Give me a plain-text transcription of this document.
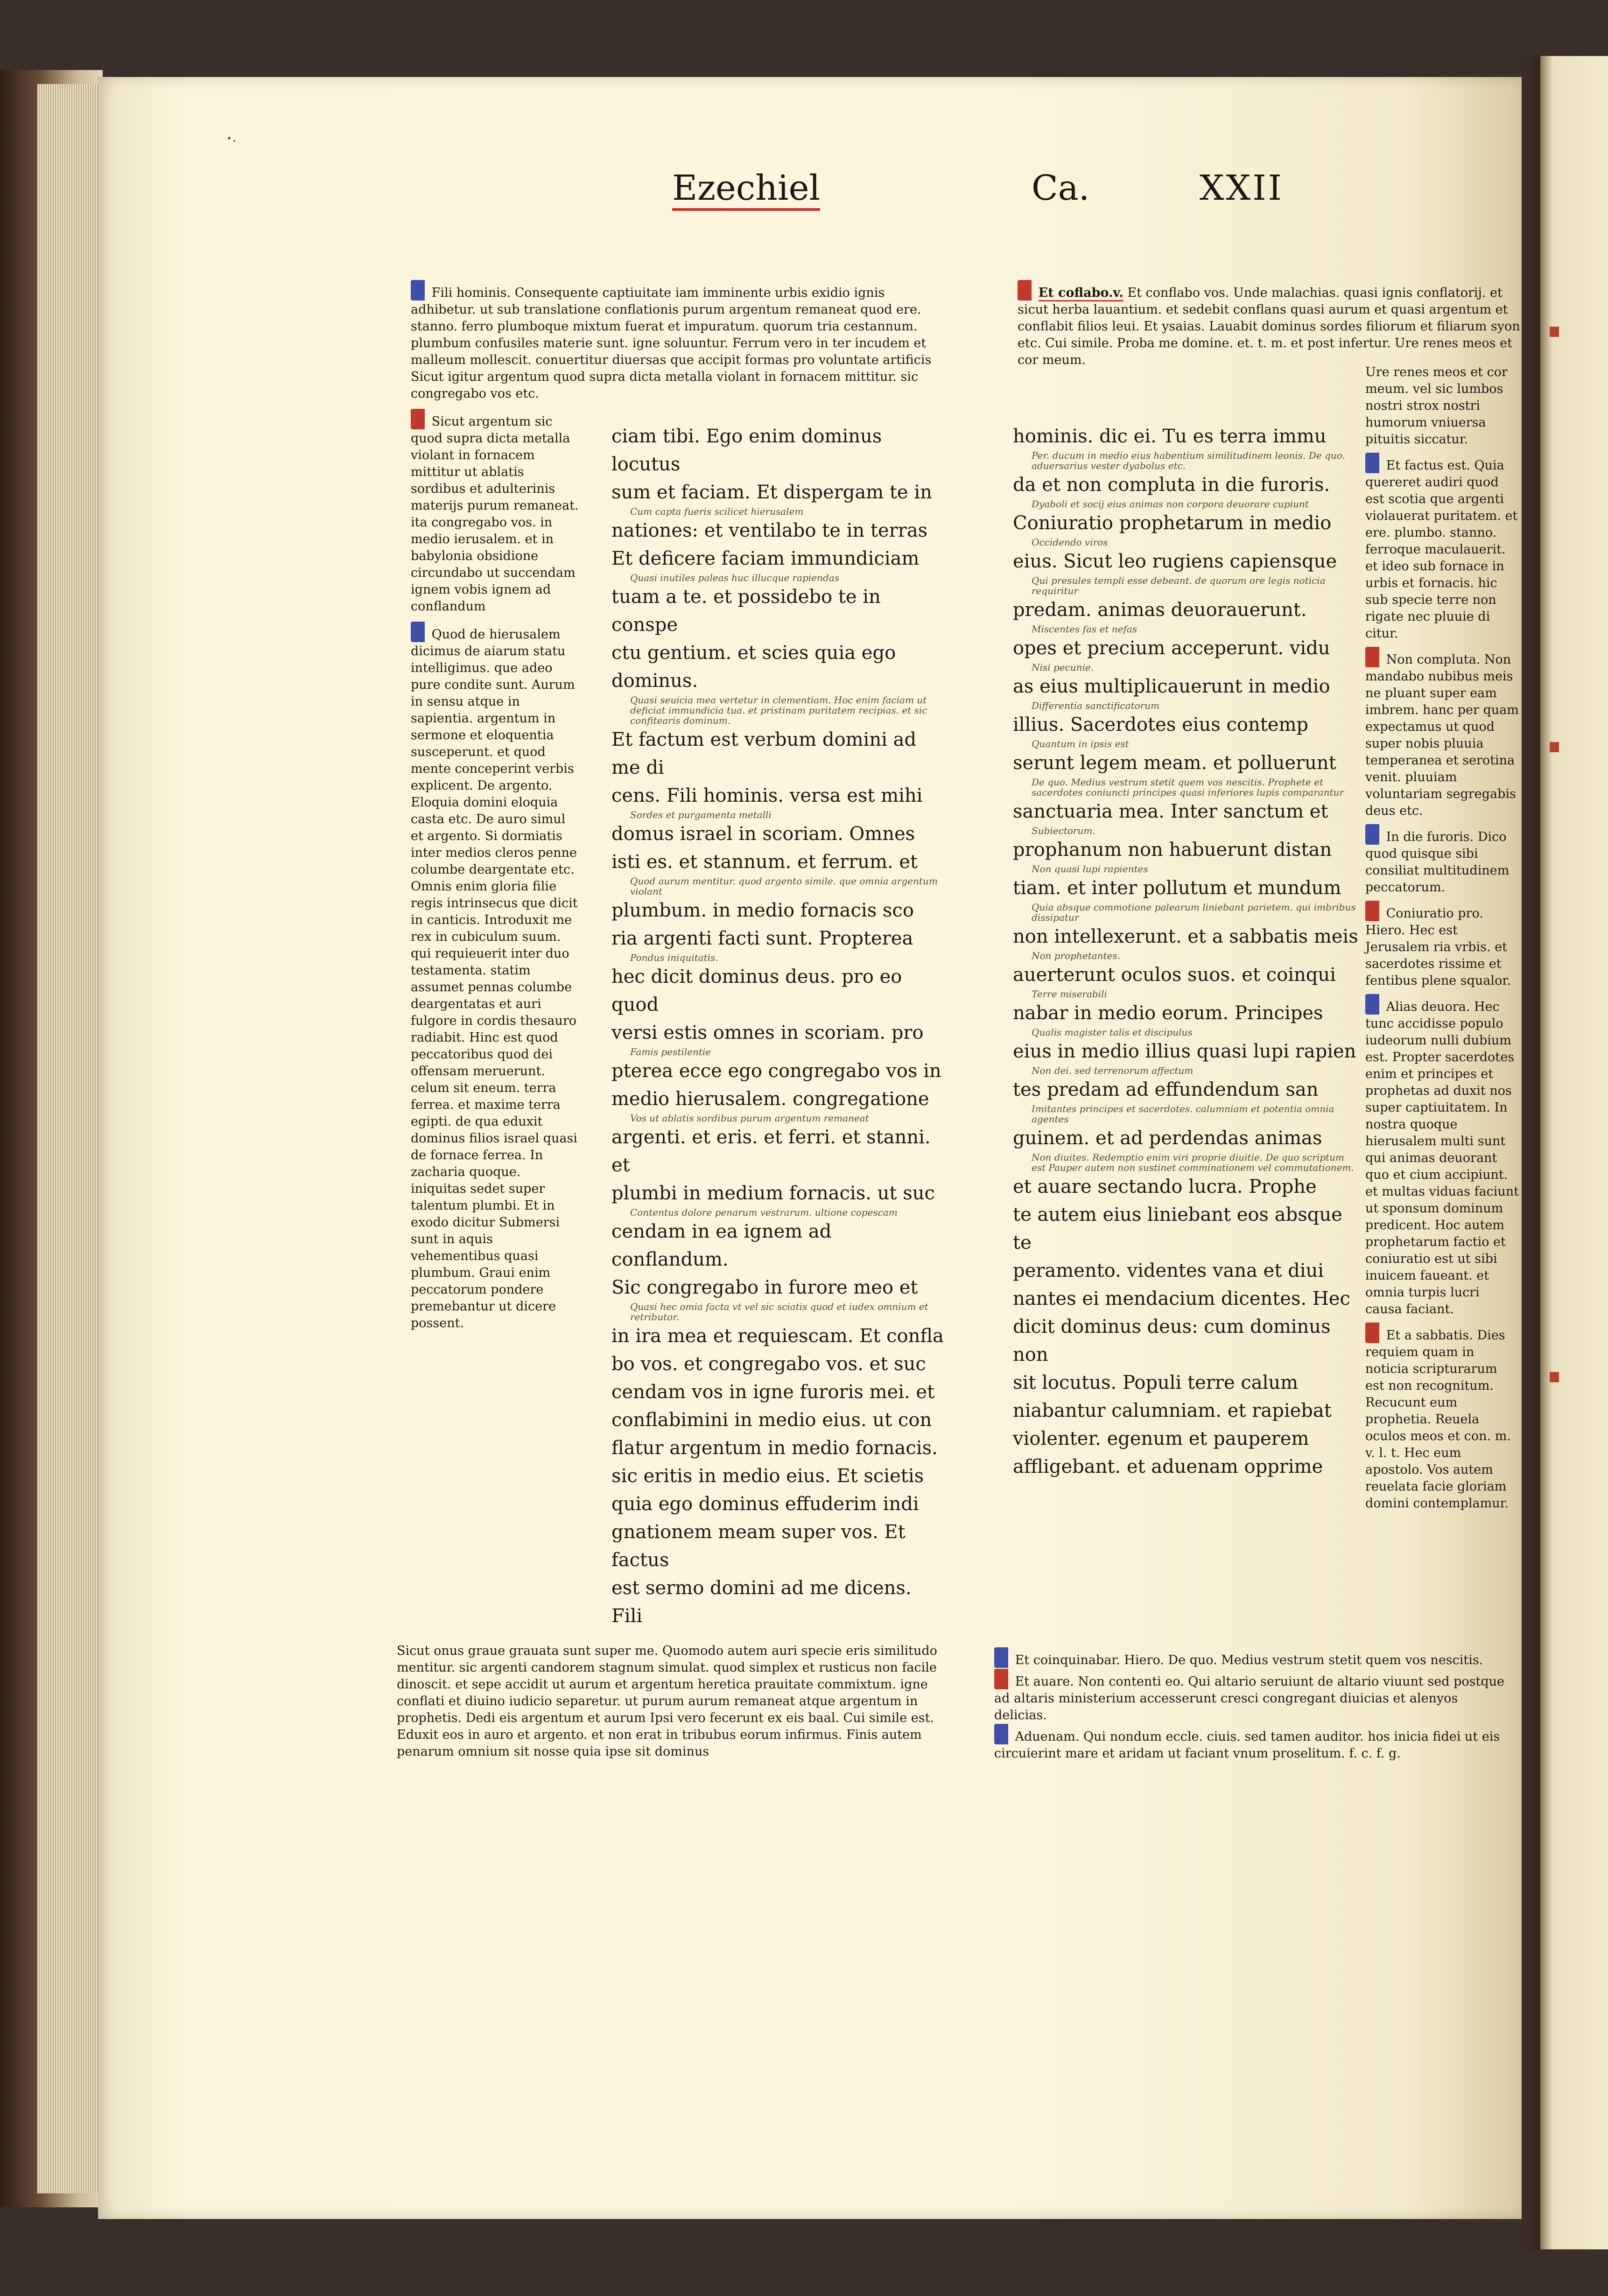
Ezechiel	Ca.	XXII

Fili hominis. Consequente captiuitate iam imminente urbis exidio ignis adhibetur. ut sub translatione conflationis purum argentum remaneat quod ere. stanno. ferro plumboque mixtum fuerat et impuratum. quorum tria cestannum. plumbum confusiles materie sunt. igne soluuntur. Ferrum vero in ter incudem et malleum mollescit. conuertitur diuersas que accipit formas pro voluntate artificis Sicut igitur argentum quod supra dicta metalla violant in fornacem mittitur. sic congregabo vos etc.

Sicut argentum sic quod supra dicta metalla violant in fornacem mittitur ut ablatis sordibus et adulterinis materijs purum remaneat. ita congregabo vos. in medio ierusalem. et in babylonia obsidione circundabo ut succendam ignem vobis ignem ad conflandum

Quod de hierusalem dicimus de aiarum statu intelligimus. que adeo pure condite sunt. Aurum in sensu atque in sapientia. argentum in sermone et eloquentia susceperunt. et quod mente conceperint verbis explicent. De argento. Eloquia domini eloquia casta etc. De auro simul et argento. Si dormiatis inter medios cleros penne columbe deargentate etc. Omnis enim gloria filie regis intrinsecus que dicit in canticis. Introduxit me rex in cubiculum suum. qui requieuerit inter duo testamenta. statim assumet pennas columbe deargentatas et auri fulgore in cordis thesauro radiabit. Hinc est quod peccatoribus quod dei offensam meruerunt. celum sit eneum. terra ferrea. et maxime terra egipti. de qua eduxit dominus filios israel quasi de fornace ferrea. In zacharia quoque. iniquitas sedet super talentum plumbi. Et in exodo dicitur Submersi sunt in aquis vehementibus quasi plumbum. Graui enim peccatorum pondere premebantur ut dicere possent.

ciam tibi. Ego enim dominus locutus
sum et faciam. Et dispergam te in
Cum capta fueris scilicet hierusalem
nationes: et ventilabo te in terras
Et deficere faciam immundiciam
Quasi inutiles paleas huc illucque rapiendas
tuam a te. et possidebo te in conspe
ctu gentium. et scies quia ego dominus.
Quasi seuicia mea vertetur in clementiam. Hoc enim faciam ut deficiat immundicia tua. et pristinam puritatem recipias. et sic confitearis dominum.
Et factum est verbum domini ad me di
cens. Fili hominis. versa est mihi
Sordes et purgamenta metalli
domus israel in scoriam. Omnes
isti es. et stannum. et ferrum. et
Quod aurum mentitur. quod argento simile. que omnia argentum violant
plumbum. in medio fornacis sco
ria argenti facti sunt. Propterea
Pondus iniquitatis.
hec dicit dominus deus. pro eo quod
versi estis omnes in scoriam. pro
Famis pestilentie
pterea ecce ego congregabo vos in
medio hierusalem. congregatione
Vos ut ablatis sordibus purum argentum remaneat
argenti. et eris. et ferri. et stanni. et
plumbi in medium fornacis. ut suc
Contentus dolore penarum vestrarum. ultione copescam
cendam in ea ignem ad conflandum.
Sic congregabo in furore meo et
Quasi hec omia facta vt vel sic sciatis quod et iudex omnium et retributor.
in ira mea et requiescam. Et confla
bo vos. et congregabo vos. et suc
cendam vos in igne furoris mei. et
conflabimini in medio eius. ut con
flatur argentum in medio fornacis.
sic eritis in medio eius. Et scietis
quia ego dominus effuderim indi
gnationem meam super vos. Et factus
est sermo domini ad me dicens. Fili

Sicut onus graue grauata sunt super me. Quomodo autem auri specie eris similitudo mentitur. sic argenti candorem stagnum simulat. quod simplex et rusticus non facile dinoscit. et sepe accidit ut aurum et argentum heretica prauitate commixtum. igne conflati et diuino iudicio separetur. ut purum aurum remaneat atque argentum in prophetis. Dedi eis argentum et aurum Ipsi vero fecerunt ex eis baal. Cui simile est. Eduxit eos in auro et argento. et non erat in tribubus eorum infirmus. Finis autem penarum omnium sit nosse quia ipse sit dominus

Et coflabo.v. Et conflabo vos. Unde malachias. quasi ignis conflatorij. et sicut herba lauantium. et sedebit conflans quasi aurum et quasi argentum et conflabit filios leui. Et ysaias. Lauabit dominus sordes filiorum et filiarum syon etc. Cui simile. Proba me domine. et. t. m. et post infertur. Ure renes meos et cor meum.

hominis. dic ei. Tu es terra immu
Per. ducum in medio eius habentium similitudinem leonis. De quo. aduersarius vester dyabolus etc.
da et non compluta in die furoris.
Dyaboli et socij eius animas non corpora deuorare cupiunt
Coniuratio prophetarum in medio
Occidendo viros
eius. Sicut leo rugiens capiensque
Qui presules templi esse debeant. de quorum ore legis noticia requiritur
predam. animas deuorauerunt.
Miscentes fas et nefas
opes et precium acceperunt. vidu
Nisi pecunie.
as eius multiplicauerunt in medio
Differentia sanctificatorum
illius. Sacerdotes eius contemp
Quantum in ipsis est
serunt legem meam. et polluerunt
De quo. Medius vestrum stetit quem vos nescitis. Prophete et sacerdotes coniuncti principes quasi inferiores lupis comparantur
sanctuaria mea. Inter sanctum et
Subiectorum.
prophanum non habuerunt distan
Non quasi lupi rapientes
tiam. et inter pollutum et mundum
Quia absque commotione palearum liniebant parietem. qui imbribus dissipatur
non intellexerunt. et a sabbatis meis
Non prophetantes.
auerterunt oculos suos. et coinqui
Terre miserabili
nabar in medio eorum. Principes
Qualis magister talis et discipulus
eius in medio illius quasi lupi rapien
Non dei. sed terrenorum affectum
tes predam ad effundendum san
Imitantes principes et sacerdotes. calumniam et potentia omnia agentes
guinem. et ad perdendas animas
Non diuites. Redemptio enim viri proprie diuitie. De quo scriptum est Pauper autem non sustinet comminationem vel commutationem.
et auare sectando lucra. Prophe
te autem eius liniebant eos absque te
peramento. videntes vana et diui
nantes ei mendacium dicentes. Hec
dicit dominus deus: cum dominus non
sit locutus. Populi terre calum
niabantur calumniam. et rapiebat
violenter. egenum et pauperem
affligebant. et aduenam opprime

Ure renes meos et cor meum. vel sic lumbos nostri strox nostri humorum vniuersa pituitis siccatur.

Et factus est. Quia quereret audiri quod est scotia que argenti violauerat puritatem. et ere. plumbo. stanno. ferroque maculauerit. et ideo sub fornace in urbis et fornacis. hic sub specie terre non rigate nec pluuie di citur.

Non compluta. Non mandabo nubibus meis ne pluant super eam imbrem. hanc per quam expectamus ut quod super nobis pluuia temperanea et serotina venit. pluuiam voluntariam segregabis deus etc.

In die furoris. Dico quod quisque sibi consiliat multitudinem peccatorum.

Coniuratio pro. Hiero. Hec est Jerusalem ria vrbis. et sacerdotes rissime et fentibus plene squalor.

Alias deuora. Hec tunc accidisse populo iudeorum nulli dubium est. Propter sacerdotes enim et principes et prophetas ad duxit nos super captiuitatem. In nostra quoque hierusalem multi sunt qui animas deuorant quo et cium accipiunt. et multas viduas faciunt ut sponsum dominum predicent. Hoc autem prophetarum factio et coniuratio est ut sibi inuicem faueant. et omnia turpis lucri causa faciant.

Et a sabbatis. Dies requiem quam in noticia scripturarum est non recognitum. Recucunt eum prophetia. Reuela oculos meos et con. m. v. l. t. Hec eum apostolo. Vos autem reuelata facie gloriam domini contemplamur.

Et coinquinabar. Hiero. De quo. Medius vestrum stetit quem vos nescitis.

Et auare. Non contenti eo. Qui altario seruiunt de altario viuunt sed postque ad altaris ministerium accesserunt cresci congregant diuicias et alenyos delicias.

Aduenam. Qui nondum eccle. ciuis. sed tamen auditor. hos inicia fidei ut eis circuierint mare et aridam ut faciant vnum proselitum. f. c. f. g.
